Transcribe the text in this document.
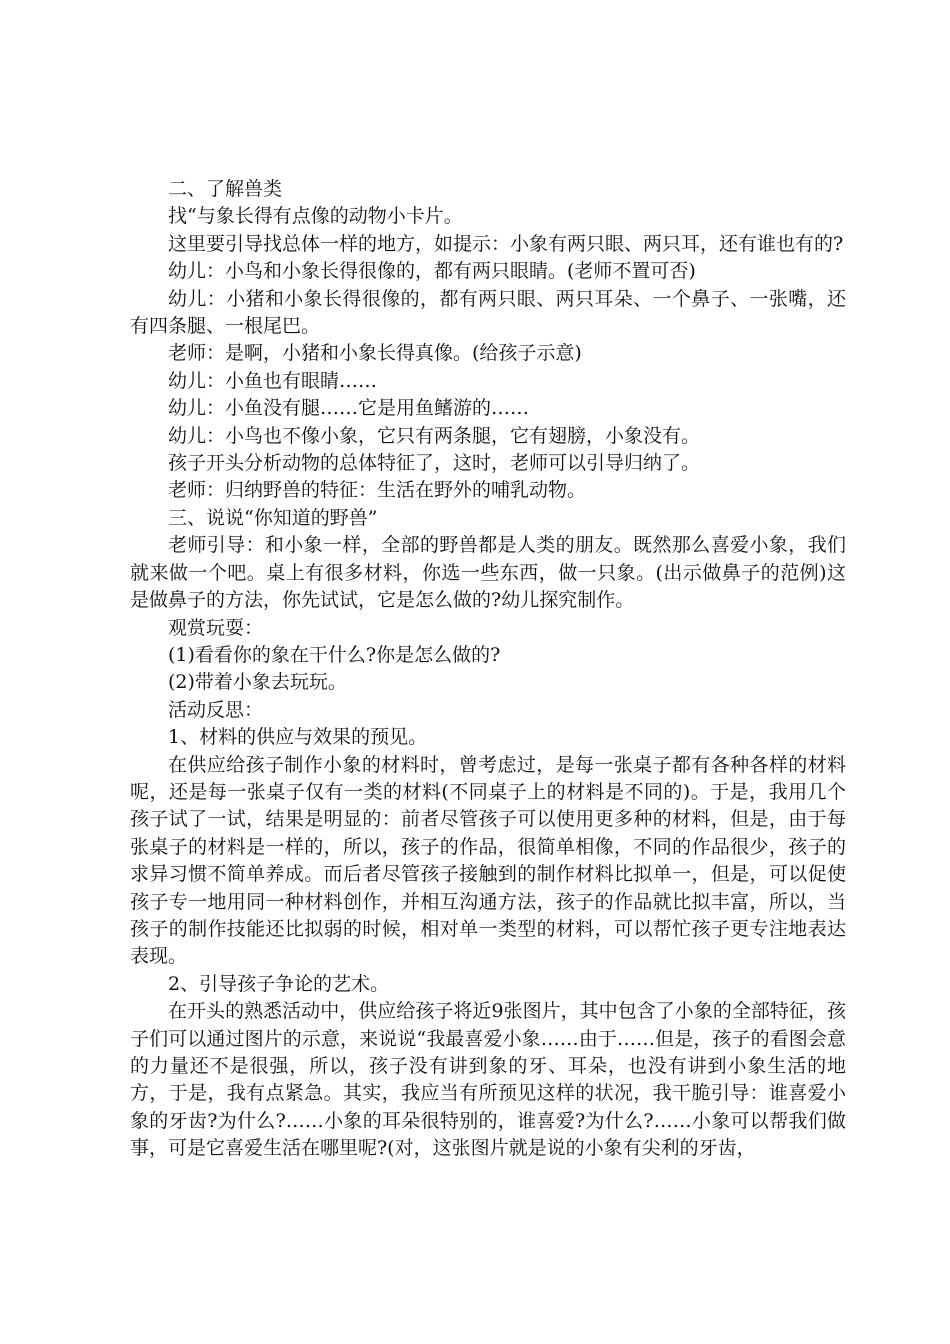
二、了解兽类

找“与象长得有点像的动物小卡片。

这里要引导找总体一样的地方，如提示：小象有两只眼、两只耳，还有谁也有的?

幼儿：小鸟和小象长得很像的，都有两只眼睛。(老师不置可否)

幼儿：小猪和小象长得很像的，都有两只眼、两只耳朵、一个鼻子、一张嘴，还有四条腿、一根尾巴。

老师：是啊，小猪和小象长得真像。(给孩子示意)

幼儿：小鱼也有眼睛……

幼儿：小鱼没有腿……它是用鱼鳍游的……

幼儿：小鸟也不像小象，它只有两条腿，它有翅膀，小象没有。

孩子开头分析动物的总体特征了，这时，老师可以引导归纳了。

老师：归纳野兽的特征：生活在野外的哺乳动物。

三、说说“你知道的野兽”

老师引导：和小象一样，全部的野兽都是人类的朋友。既然那么喜爱小象，我们就来做一个吧。桌上有很多材料，你选一些东西，做一只象。(出示做鼻子的范例)这是做鼻子的方法，你先试试，它是怎么做的?幼儿探究制作。

观赏玩耍：

(1)看看你的象在干什么?你是怎么做的?

(2)带着小象去玩玩。

活动反思：

1、材料的供应与效果的预见。

在供应给孩子制作小象的材料时，曾考虑过，是每一张桌子都有各种各样的材料呢，还是每一张桌子仅有一类的材料(不同桌子上的材料是不同的)。于是，我用几个孩子试了一试，结果是明显的：前者尽管孩子可以使用更多种的材料，但是，由于每张桌子的材料是一样的，所以，孩子的作品，很简单相像，不同的作品很少，孩子的求异习惯不简单养成。而后者尽管孩子接触到的制作材料比拟单一，但是，可以促使孩子专一地用同一种材料创作，并相互沟通方法，孩子的作品就比拟丰富，所以，当孩子的制作技能还比拟弱的时候，相对单一类型的材料，可以帮忙孩子更专注地表达表现。

2、引导孩子争论的艺术。

在开头的熟悉活动中，供应给孩子将近9张图片，其中包含了小象的全部特征，孩子们可以通过图片的示意，来说说“我最喜爱小象……由于……但是，孩子的看图会意的力量还不是很强，所以，孩子没有讲到象的牙、耳朵，也没有讲到小象生活的地方，于是，我有点紧急。其实，我应当有所预见这样的状况，我干脆引导：谁喜爱小象的牙齿?为什么?……小象的耳朵很特别的，谁喜爱?为什么?……小象可以帮我们做事，可是它喜爱生活在哪里呢?(对，这张图片就是说的小象有尖利的牙齿，
